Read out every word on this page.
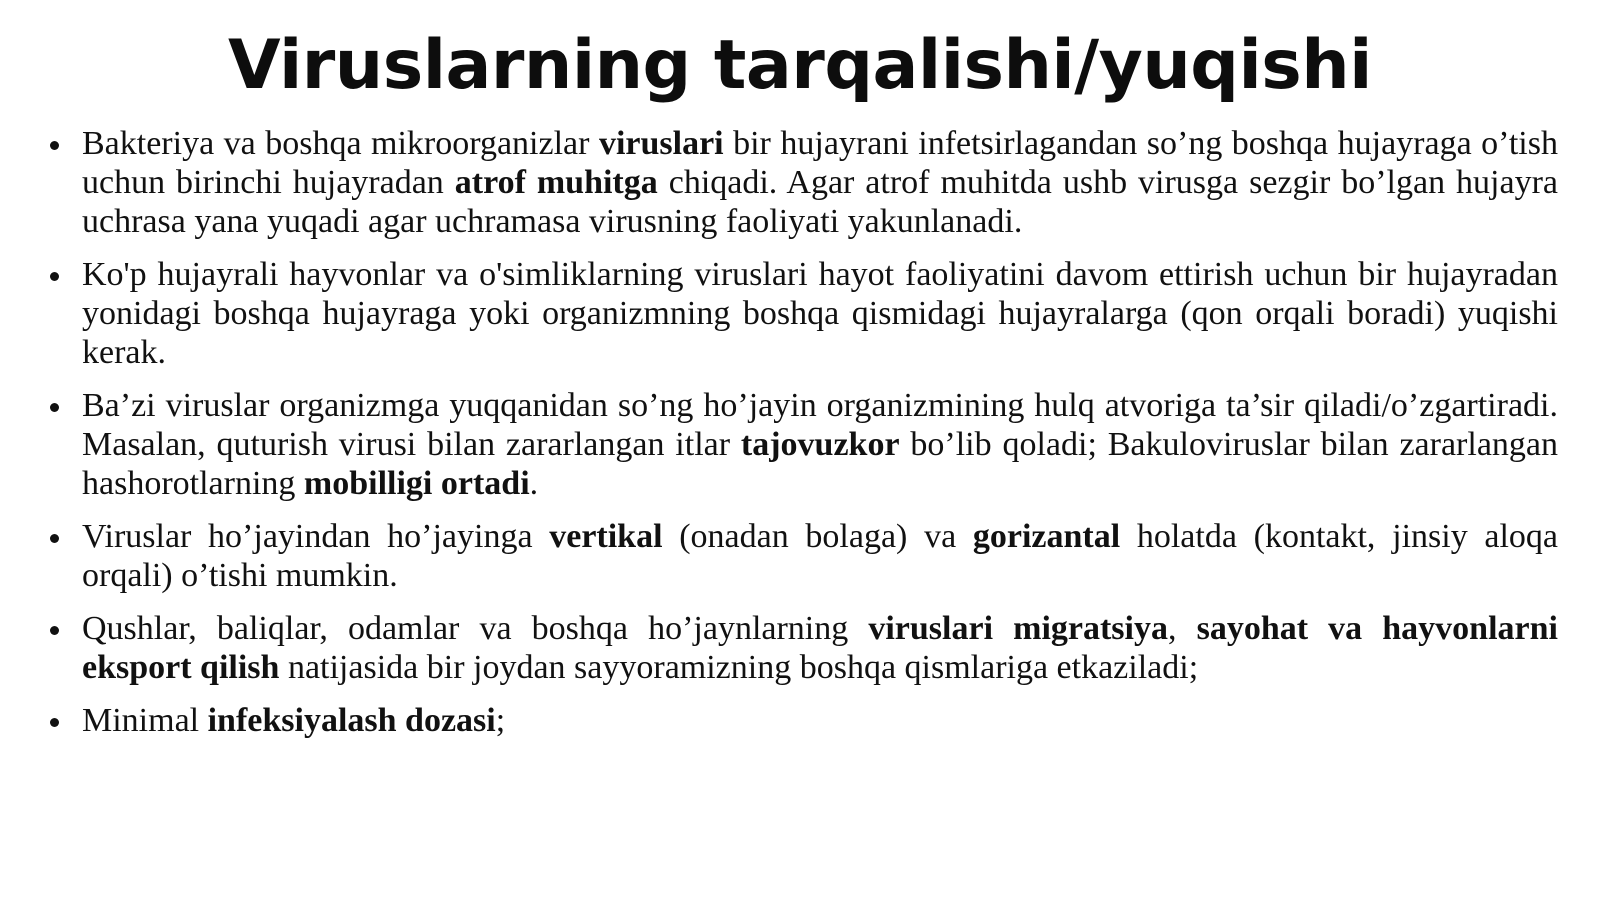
Viruslarning tarqalishi/yuqishi
Bakteriya va boshqa mikroorganizlar viruslari bir hujayrani infetsirlagandan so’ng boshqa hujayraga o’tish uchun birinchi hujayradan atrof muhitga chiqadi. Agar atrof muhitda ushb virusga sezgir bo’lgan hujayra uchrasa yana yuqadi agar uchramasa virusning faoliyati yakunlanadi.
Ko'p hujayrali hayvonlar va o'simliklarning viruslari hayot faoliyatini davom ettirish uchun bir hujayradan yonidagi boshqa hujayraga yoki organizmning boshqa qismidagi hujayralarga (qon orqali boradi) yuqishi kerak.
Ba’zi viruslar organizmga yuqqanidan so’ng ho’jayin organizmining hulq atvoriga ta’sir qiladi/o’zgartiradi. Masalan, quturish virusi bilan zararlangan itlar tajovuzkor bo’lib qoladi; Bakuloviruslar bilan zararlangan hashorotlarning mobilligi ortadi.
Viruslar ho’jayindan ho’jayinga vertikal (onadan bolaga) va gorizantal holatda (kontakt, jinsiy aloqa orqali) o’tishi mumkin.
Qushlar, baliqlar, odamlar va boshqa ho’jaynlarning viruslari migratsiya, sayohat va hayvonlarni eksport qilish natijasida bir joydan sayyoramizning boshqa qismlariga etkaziladi;
Minimal infeksiyalash dozasi;
